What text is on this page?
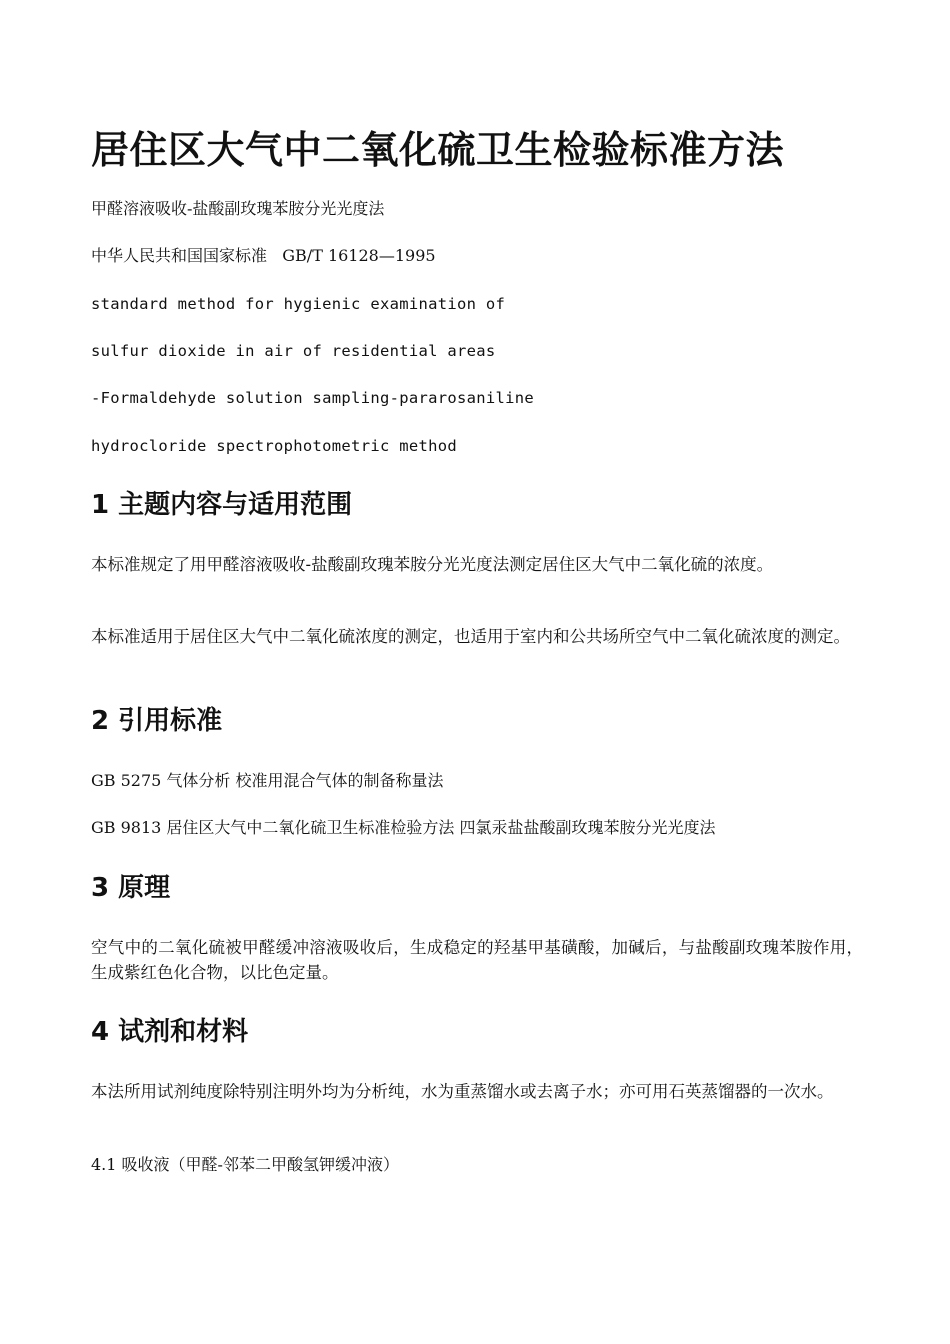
居住区大气中二氧化硫卫生检验标准方法

甲醛溶液吸收-盐酸副玫瑰苯胺分光光度法

中华人民共和国国家标准   GB/T 16128—1995

standard method for hygienic examination of

sulfur dioxide in air of residential areas

-Formaldehyde solution sampling-pararosaniline

hydrocloride spectrophotometric method

1 主题内容与适用范围

本标准规定了用甲醛溶液吸收-盐酸副玫瑰苯胺分光光度法测定居住区大气中二氧化硫的浓度。

本标准适用于居住区大气中二氧化硫浓度的测定，也适用于室内和公共场所空气中二氧化硫浓度的测定。

2 引用标准

GB 5275 气体分析 校准用混合气体的制备称量法

GB 9813 居住区大气中二氧化硫卫生标准检验方法 四氯汞盐盐酸副玫瑰苯胺分光光度法

3 原理

空气中的二氧化硫被甲醛缓冲溶液吸收后，生成稳定的羟基甲基磺酸，加碱后，与盐酸副玫瑰苯胺作用，生成紫红色化合物，以比色定量。

4 试剂和材料

本法所用试剂纯度除特别注明外均为分析纯，水为重蒸馏水或去离子水；亦可用石英蒸馏器的一次水。

4.1 吸收液（甲醛-邻苯二甲酸氢钾缓冲液）
